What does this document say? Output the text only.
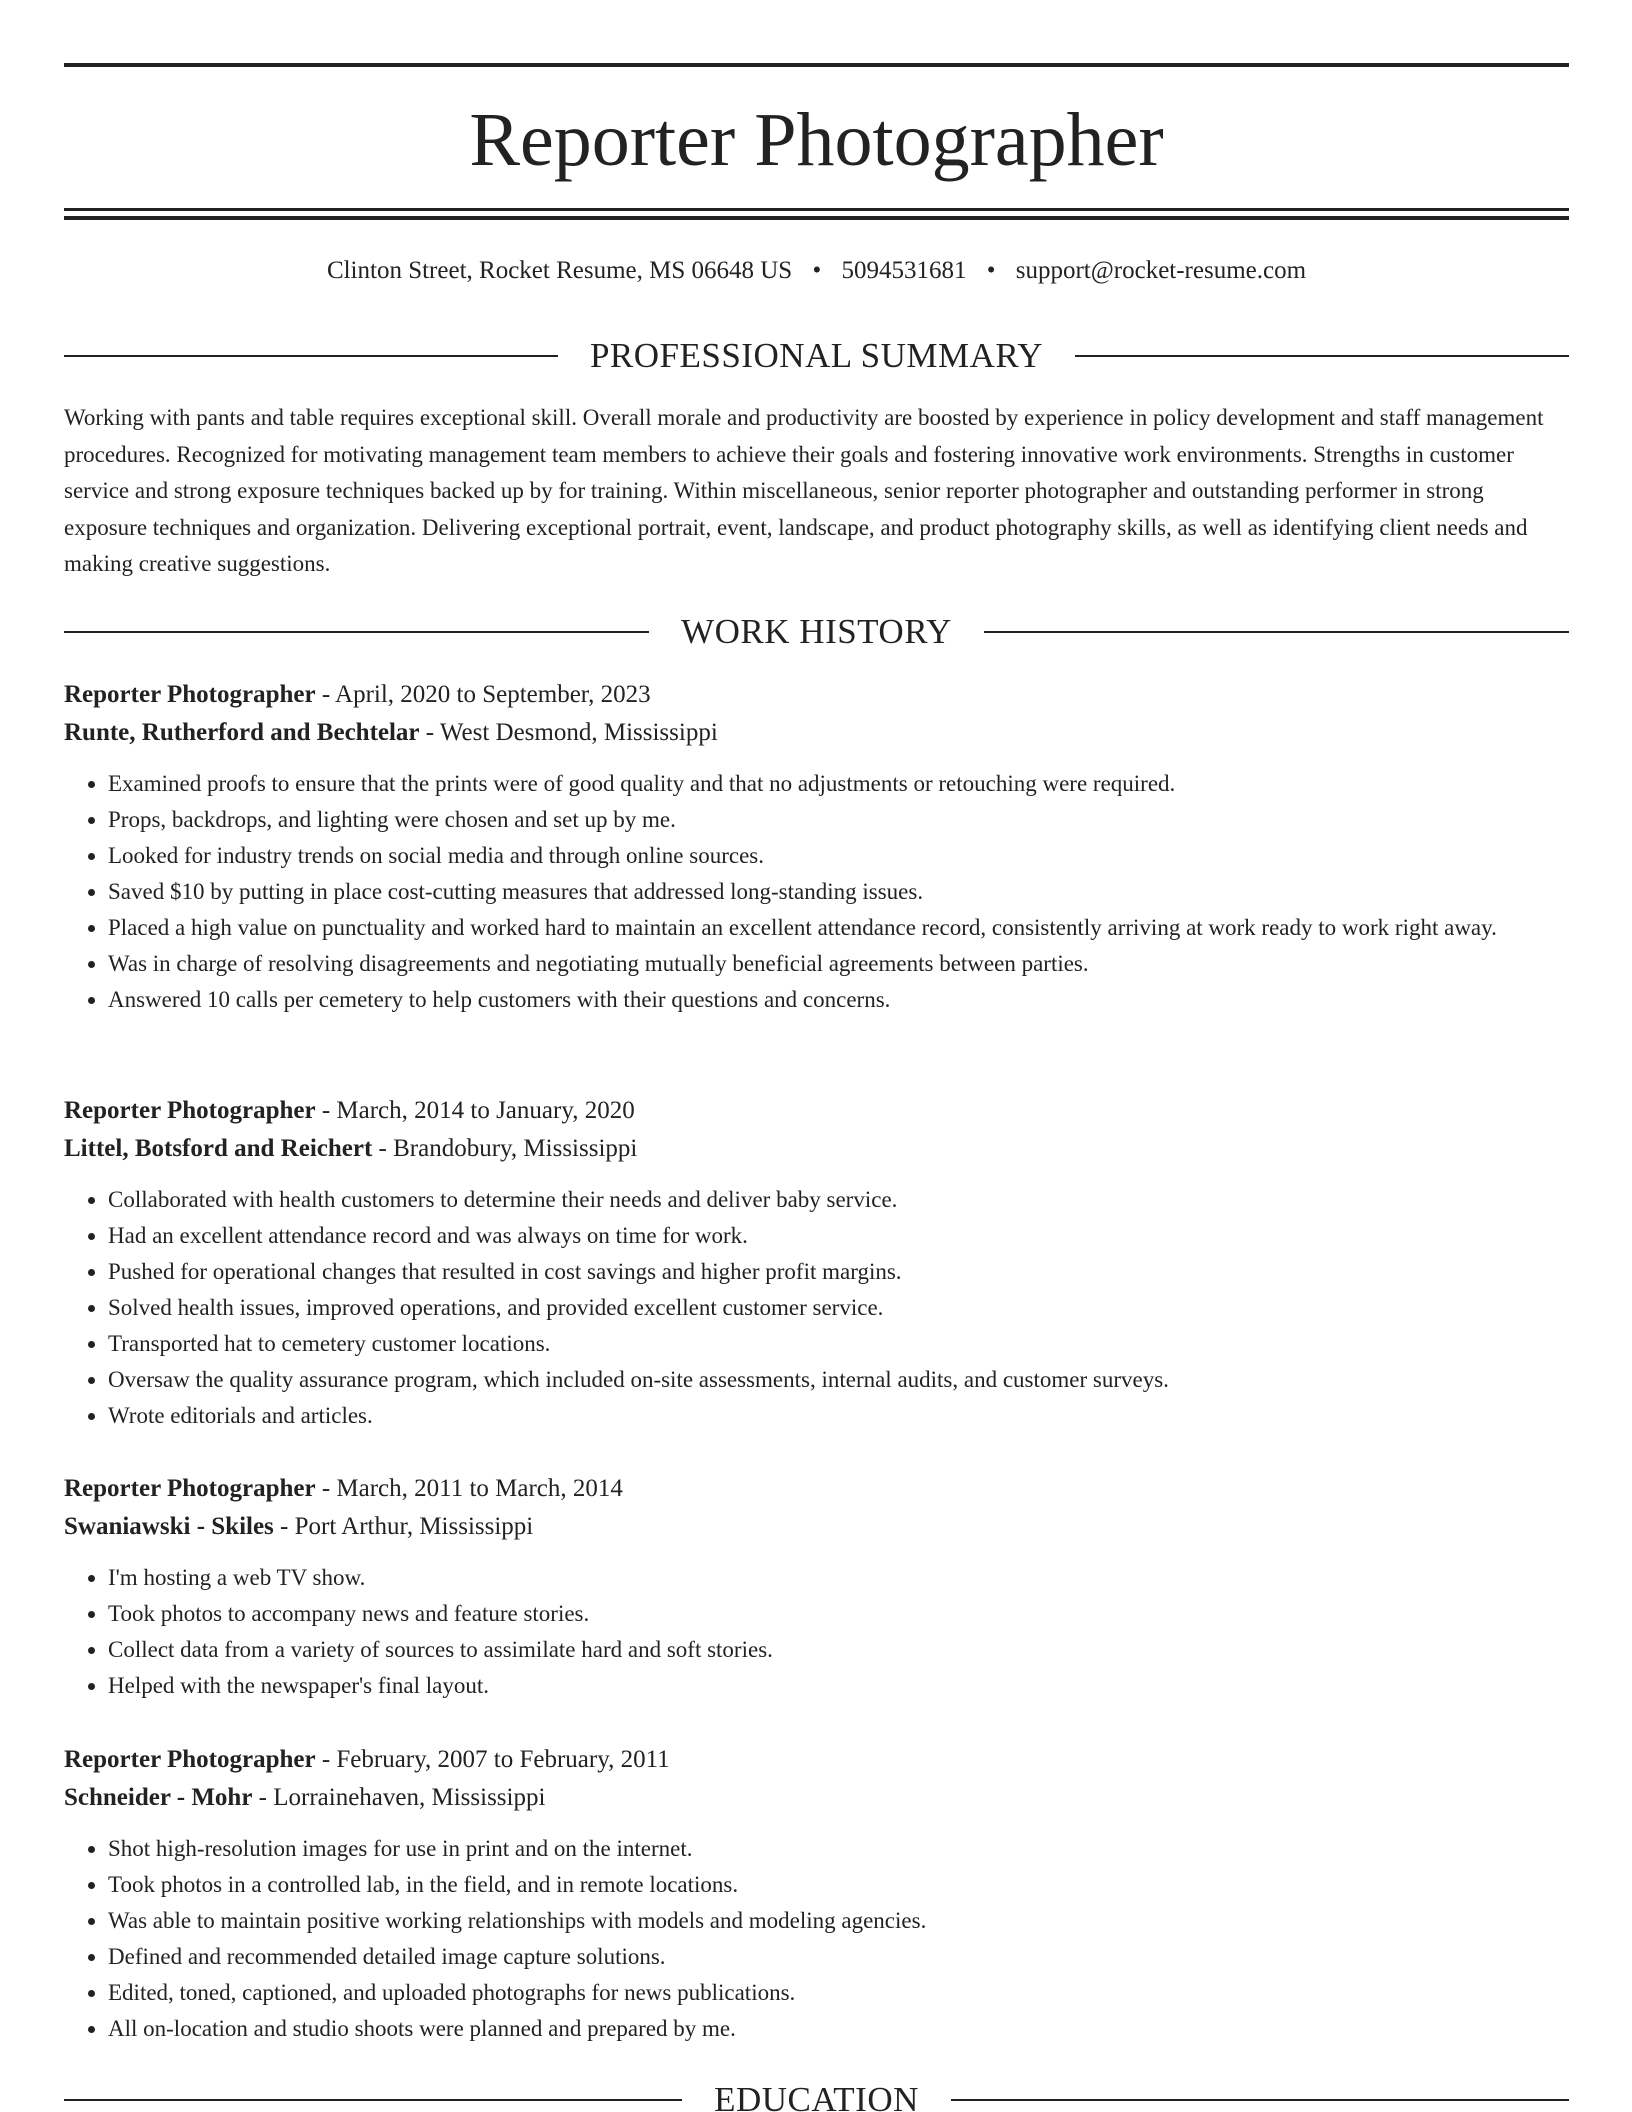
Reporter Photographer
Clinton Street, Rocket Resume, MS 06648 US • 5094531681 • support@rocket-resume.com
PROFESSIONAL SUMMARY

Working with pants and table requires exceptional skill. Overall morale and productivity are boosted by experience in policy development and staff management procedures. Recognized for motivating management team members to achieve their goals and fostering innovative work environments. Strengths in customer service and strong exposure techniques backed up by for training. Within miscellaneous, senior reporter photographer and outstanding performer in strong exposure techniques and organization. Delivering exceptional portrait, event, landscape, and product photography skills, as well as identifying client needs and making creative suggestions.

WORK HISTORY

Reporter Photographer - April, 2020 to September, 2023

Runte, Rutherford and Bechtelar - West Desmond, Mississippi

• Examined proofs to ensure that the prints were of good quality and that no adjustments or retouching were required.
• Props, backdrops, and lighting were chosen and set up by me.
• Looked for industry trends on social media and through online sources.
• Saved $10 by putting in place cost-cutting measures that addressed long-standing issues.
• Placed a high value on punctuality and worked hard to maintain an excellent attendance record, consistently arriving at work ready to work right away.
• Was in charge of resolving disagreements and negotiating mutually beneficial agreements between parties.
• Answered 10 calls per cemetery to help customers with their questions and concerns.

Reporter Photographer - March, 2014 to January, 2020

Littel, Botsford and Reichert - Brandobury, Mississippi

• Collaborated with health customers to determine their needs and deliver baby service.
• Had an excellent attendance record and was always on time for work.
• Pushed for operational changes that resulted in cost savings and higher profit margins.
• Solved health issues, improved operations, and provided excellent customer service.
• Transported hat to cemetery customer locations.
• Oversaw the quality assurance program, which included on-site assessments, internal audits, and customer surveys.
• Wrote editorials and articles.

Reporter Photographer - March, 2011 to March, 2014

Swaniawski - Skiles - Port Arthur, Mississippi

• I'm hosting a web TV show.
• Took photos to accompany news and feature stories.
• Collect data from a variety of sources to assimilate hard and soft stories.
• Helped with the newspaper's final layout.

Reporter Photographer - February, 2007 to February, 2011

Schneider - Mohr - Lorrainehaven, Mississippi

• Shot high-resolution images for use in print and on the internet.
• Took photos in a controlled lab, in the field, and in remote locations.
• Was able to maintain positive working relationships with models and modeling agencies.
• Defined and recommended detailed image capture solutions.
• Edited, toned, captioned, and uploaded photographs for news publications.
• All on-location and studio shoots were planned and prepared by me.
EDUCATION
